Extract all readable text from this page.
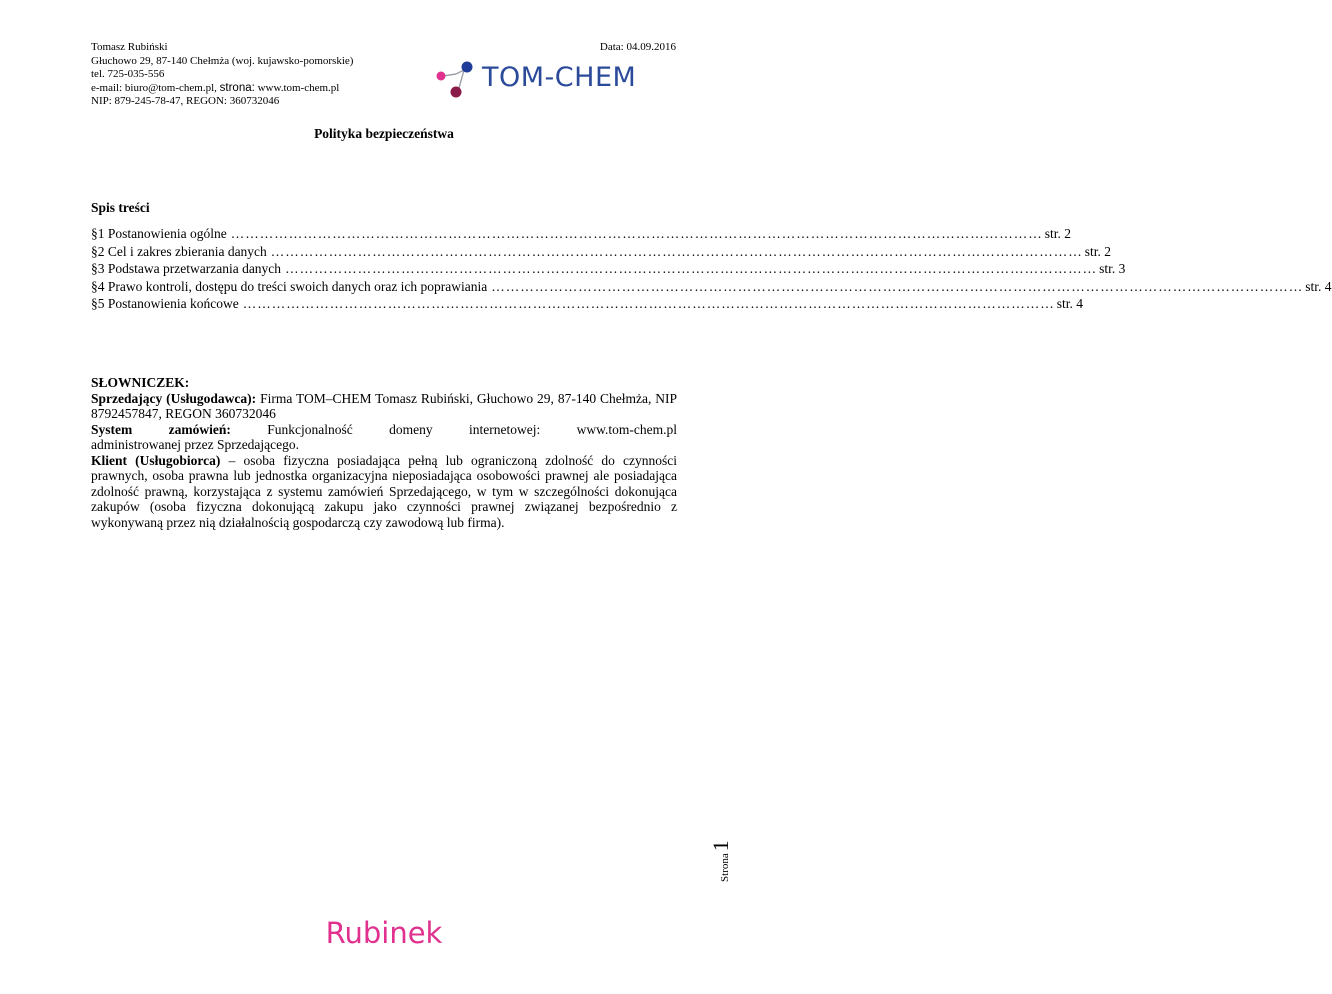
Tomasz Rubiński
Głuchowo 29, 87-140 Chełmża (woj. kujawsko-pomorskie)
tel. 725-035-556
e-mail: biuro@tom-chem.pl, strona: www.tom-chem.pl
NIP: 879-245-78-47, REGON: 360732046
Data: 04.09.2016
TOM-CHEM
Polityka bezpieczeństwa
Spis treści
§1 Postanowienia ogólne …………………………………………………………………………………………………………………………………………………… str. 2
§2 Cel i zakres zbierania danych …………………………………………………………………………………………………………………………………………………… str. 2
§3 Podstawa przetwarzania danych …………………………………………………………………………………………………………………………………………………… str. 3
§4 Prawo kontroli, dostępu do treści swoich danych oraz ich poprawiania …………………………………………………………………………………………………………………………………………………… str. 4
§5 Postanowienia końcowe …………………………………………………………………………………………………………………………………………………… str. 4
SŁOWNICZEK:

Sprzedający (Usługodawca): Firma TOM–CHEM Tomasz Rubiński, Głuchowo 29, 87-140 Chełmża, NIP 8792457847, REGON 360732046

System zamówień: Funkcjonalność domeny internetowej: www.tom-chem.pl

administrowanej przez Sprzedającego.

Klient (Usługobiorca) – osoba fizyczna posiadająca pełną lub ograniczoną zdolność do czynności prawnych, osoba prawna lub jednostka organizacyjna nieposiadająca osobowości prawnej ale posiadająca zdolność prawną, korzystająca z systemu zamówień Sprzedającego, w tym w szczególności dokonująca zakupów (osoba fizyczna dokonującą zakupu jako czynności prawnej związanej bezpośrednio z wykonywaną przez nią działalnością gospodarczą czy zawodową lub firma).

Strona1
Rubinek
